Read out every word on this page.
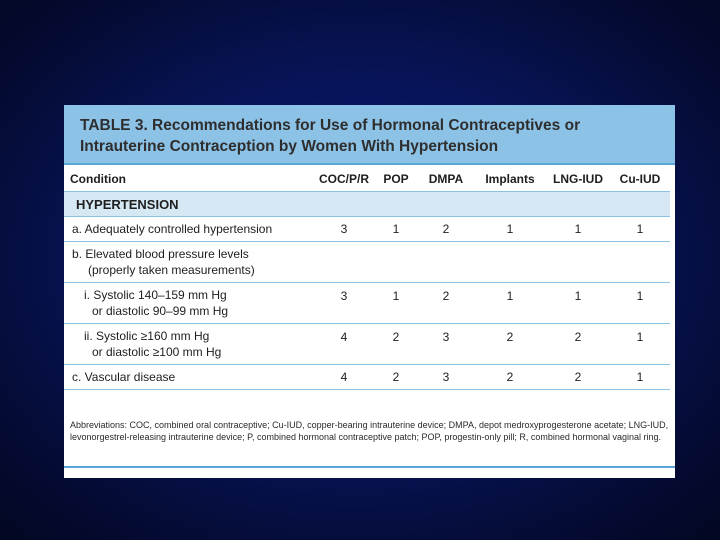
TABLE 3. Recommendations for Use of Hormonal Contraceptives or
Intrauterine Contraception by Women With Hypertension
Condition	COC/P/R	POP	DMPA	Implants	LNG-IUD	Cu-IUD
HYPERTENSION						
a. Adequately controlled hypertension	3	1	2	1	1	1

b. Elevated blood pressure levels
(properly taken measurements)						

i. Systolic 140–159 mm Hg
or diastolic 90–99 mm Hg	3	1	2	1	1	1

ii. Systolic ≥160 mm Hg
or diastolic ≥100 mm Hg	4	2	3	2	2	1
c. Vascular disease	4	2	3	2	2	1
Abbreviations: COC, combined oral contraceptive; Cu-IUD, copper-bearing intrauterine device; DMPA, depot medroxyprogesterone acetate; LNG-IUD, levonorgestrel-releasing intrauterine device; P, combined hormonal contraceptive patch; POP, progestin-only pill; R, combined hormonal vaginal ring.
